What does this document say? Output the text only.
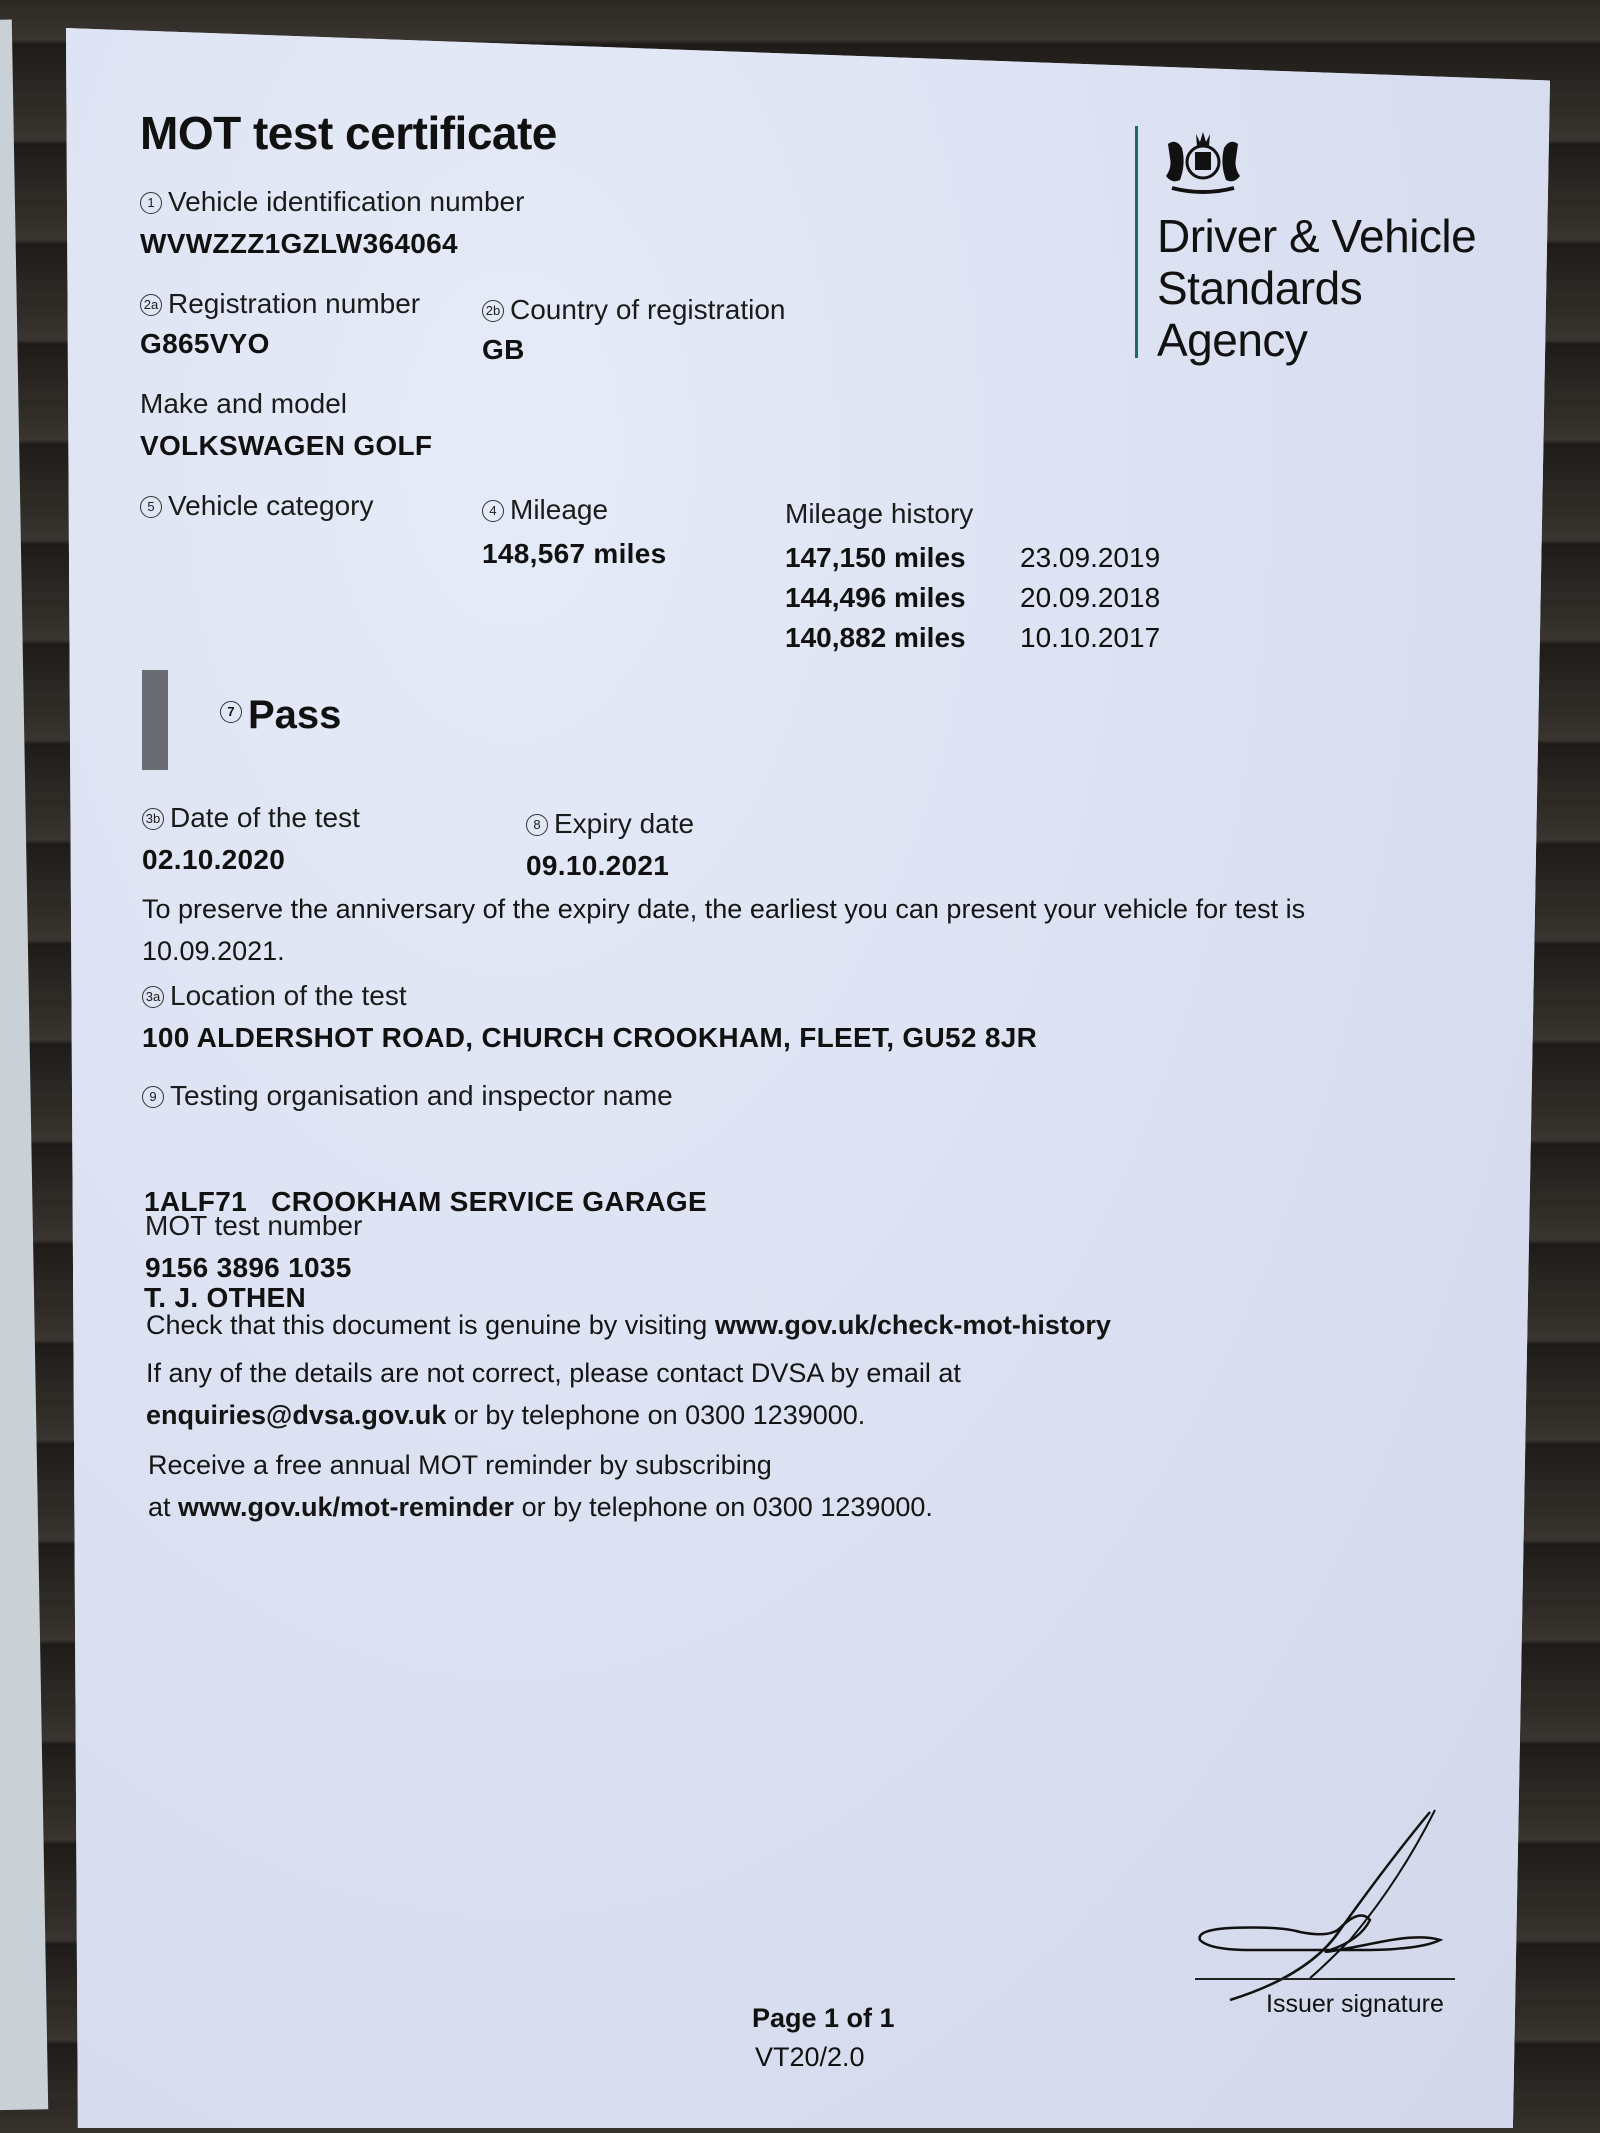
MOT test certificate
Driver & Vehicle
Standards
Agency
1 Vehicle identification number
WVWZZZ1GZLW364064
2a Registration number
G865VYO
2b Country of registration
GB
Make and model
VOLKSWAGEN GOLF
5 Vehicle category	4 Mileage
148,567 miles
Mileage history
147,150 miles 23.09.2019
144,496 miles 20.09.2018
140,882 miles 10.10.2017
7 Pass
3b Date of the test
02.10.2020
8 Expiry date
09.10.2021
To preserve the anniversary of the expiry date, the earliest you can present your vehicle for test is
10.09.2021.
3a Location of the test
100 ALDERSHOT ROAD, CHURCH CROOKHAM, FLEET, GU52 8JR
9 Testing organisation and inspector name

1ALF71   CROOKHAM SERVICE GARAGE

T. J. OTHEN

MOT test number
9156 3896 1035
Check that this document is genuine by visiting www.gov.uk/check-mot-history
If any of the details are not correct, please contact DVSA by email at
enquiries@dvsa.gov.uk or by telephone on 0300 1239000.
Receive a free annual MOT reminder by subscribing
at www.gov.uk/mot-reminder or by telephone on 0300 1239000.
Issuer signature
Page 1 of 1
VT20/2.0
